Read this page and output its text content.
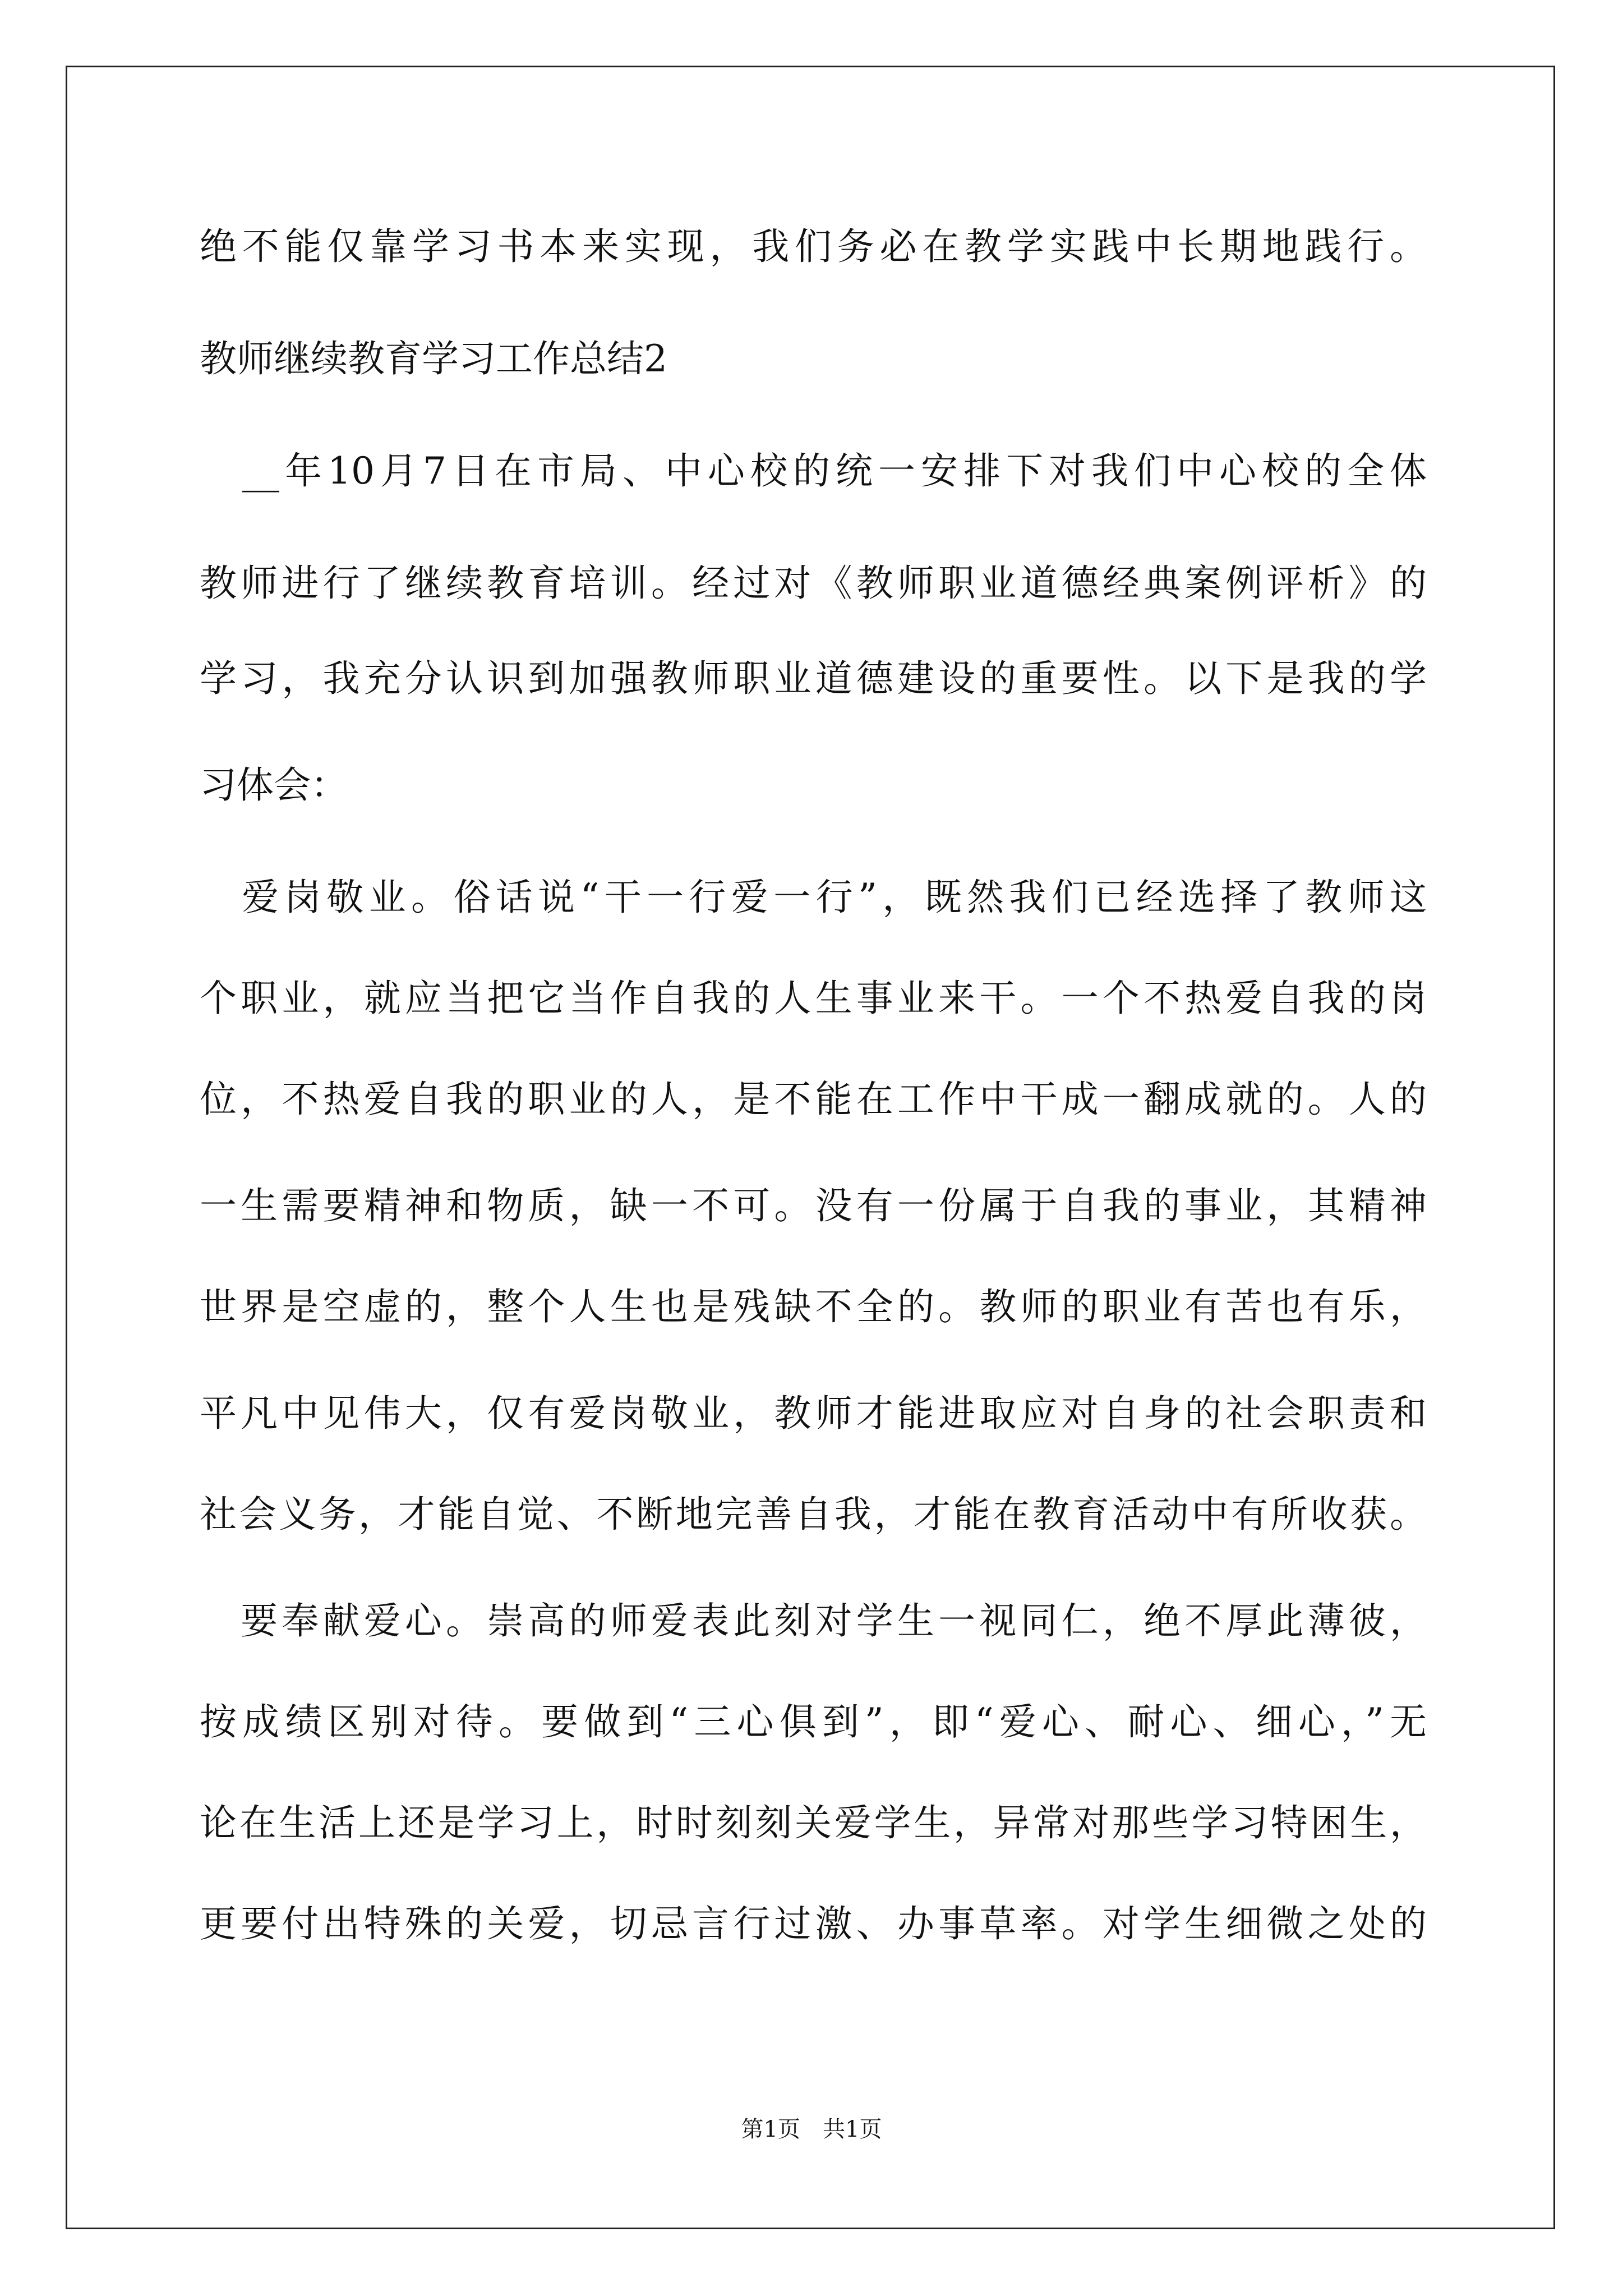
绝不能仅靠学习书本来实现，我们务必在教学实践中长期地践行。
教师继续教育学习工作总结2
　__年10月7日在市局、中心校的统一安排下对我们中心校的全体
教师进行了继续教育培训。经过对《教师职业道德经典案例评析》的
学习，我充分认识到加强教师职业道德建设的重要性。以下是我的学
习体会：
　爱岗敬业。俗话说“干一行爱一行”，既然我们已经选择了教师这
个职业，就应当把它当作自我的人生事业来干。一个不热爱自我的岗
位，不热爱自我的职业的人，是不能在工作中干成一翻成就的。人的
一生需要精神和物质，缺一不可。没有一份属于自我的事业，其精神
世界是空虚的，整个人生也是残缺不全的。教师的职业有苦也有乐，
平凡中见伟大，仅有爱岗敬业，教师才能进取应对自身的社会职责和
社会义务，才能自觉、不断地完善自我，才能在教育活动中有所收获。
　要奉献爱心。崇高的师爱表此刻对学生一视同仁，绝不厚此薄彼，
按成绩区别对待。要做到“三心俱到”，即“爱心、耐心、细心，”无
论在生活上还是学习上，时时刻刻关爱学生，异常对那些学习特困生，
更要付出特殊的关爱，切忌言行过激、办事草率。对学生细微之处的
第1页　共1页
